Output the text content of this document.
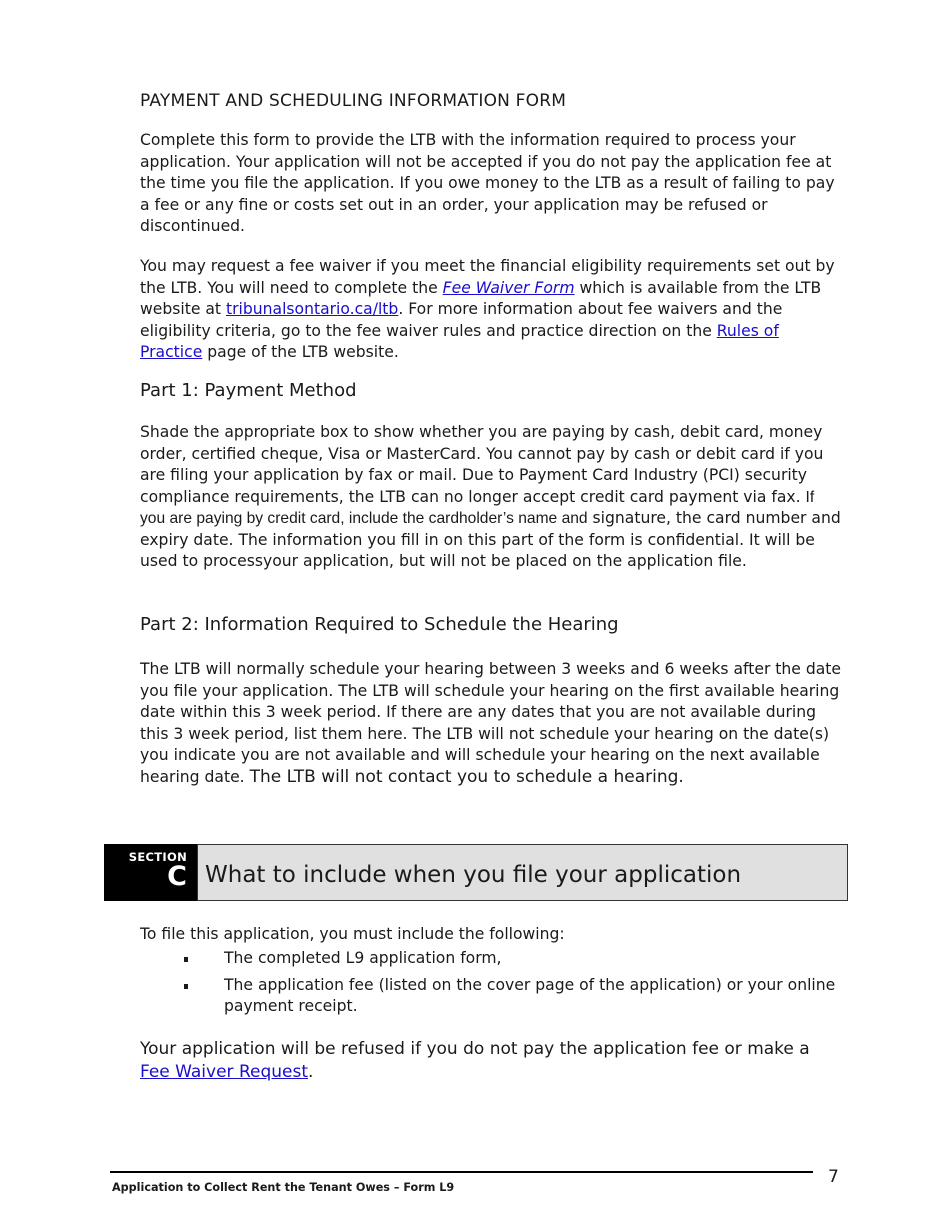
PAYMENT AND SCHEDULING INFORMATION FORM

Complete this form to provide the LTB with the information required to process your application. Your application will not be accepted if you do not pay the application fee at the time you file the application. If you owe money to the LTB as a result of failing to pay a fee or any fine or costs set out in an order, your application may be refused or discontinued.

You may request a fee waiver if you meet the financial eligibility requirements set out by the LTB. You will need to complete the Fee Waiver Form which is available from the LTB website at tribunalsontario.ca/ltb. For more information about fee waivers and the eligibility criteria, go to the fee waiver rules and practice direction on the Rules of Practice page of the LTB website.

Part 1: Payment Method

Shade the appropriate box to show whether you are paying by cash, debit card, money order, certified cheque, Visa or MasterCard. You cannot pay by cash or debit card if you are filing your application by fax or mail. Due to Payment Card Industry (PCI) security compliance requirements, the LTB can no longer accept credit card payment via fax. If you are paying by credit card, include the cardholder’s name and signature, the card number and expiry date. The information you fill in on this part of the form is confidential. It will be used to processyour application, but will not be placed on the application file.

Part 2: Information Required to Schedule the Hearing

The LTB will normally schedule your hearing between 3 weeks and 6 weeks after the date you file your application. The LTB will schedule your hearing on the first available hearing date within this 3 week period. If there are any dates that you are not available during this 3 week period, list them here. The LTB will not schedule your hearing on the date(s) you indicate you are not available and will schedule your hearing on the next available hearing date. The LTB will not contact you to schedule a hearing.

SECTION
C What to include when you file your application

To file this application, you must include the following:

The completed L9 application form,
The application fee (listed on the cover page of the application) or your online payment receipt.

Your application will be refused if you do not pay the application fee or make a Fee Waiver Request.

Application to Collect Rent the Tenant Owes – Form L9
7
